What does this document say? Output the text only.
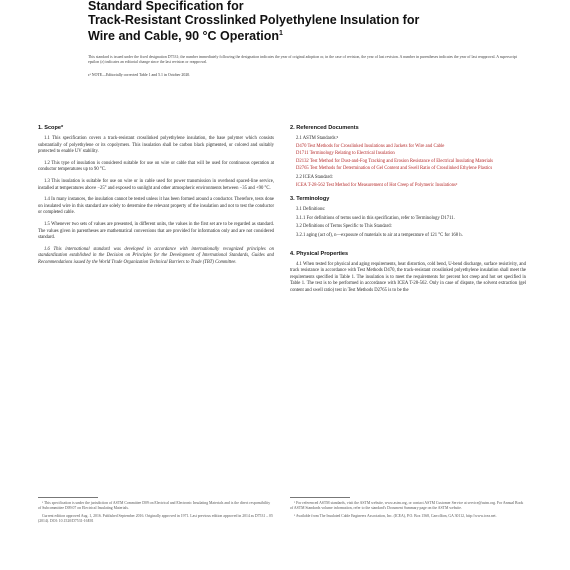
Standard Specification for
Track-Resistant Crosslinked Polyethylene Insulation for
Wire and Cable, 90 °C Operation$^1$
This standard is issued under the fixed designation D7531; the number immediately following the designation indicates the year of original adoption or, in the case of revision, the year of last revision. A number in parentheses indicates the year of last reapproval. A superscript epsilon (ε) indicates an editorial change since the last revision or reapproval.
ε¹ NOTE—Editorially corrected Table 1 and 5.1 in October 2020.
1. Scope*

1.1 This specification covers a track-resistant crosslinked polyethylene insulation, the base polymer which consists substantially of polyethylene or its copolymers. This insulation shall be carbon black pigmented, or colored and suitably protected to enable UV stability.

1.2 This type of insulation is considered suitable for use on wire or cable that will be used for continuous operation at conductor temperatures up to 90 °C.

1.3 This insulation is suitable for use on wire or in cable used for power transmission in overhead spaced-line service, installed at temperatures above −25° and exposed to sunlight and other atmospheric environments between −35 and +90 °C.

1.4 In many instances, the insulation cannot be tested unless it has been formed around a conductor. Therefore, tests done on insulated wire in this standard are solely to determine the relevant property of the insulation and not to test the conductor or completed cable.

1.5 Whenever two sets of values are presented, in different units, the values in the first set are to be regarded as standard. The values given in parentheses are mathematical conversions that are provided for information only and are not considered standard.

1.6 This international standard was developed in accordance with internationally recognized principles on standardization established in the Decision on Principles for the Development of International Standards, Guides and Recommendations issued by the World Trade Organization Technical Barriers to Trade (TBT) Committee.

2. Referenced Documents

2.1 ASTM Standards:²

D470 Test Methods for Crosslinked Insulations and Jackets for Wire and Cable

D1711 Terminology Relating to Electrical Insulation

D2132 Test Method for Dust-and-Fog Tracking and Erosion Resistance of Electrical Insulating Materials

D2765 Test Methods for Determination of Gel Content and Swell Ratio of Crosslinked Ethylene Plastics

2.2 ICEA Standard:

ICEA T-28-562 Test Method for Measurement of Hot Creep of Polymeric Insulations³

3. Terminology

3.1 Definitions:

3.1.1 For definitions of terms used in this specification, refer to Terminology D1711.

3.2 Definitions of Terms Specific to This Standard:

3.2.1 aging (act of), n—exposure of materials to air at a temperature of 121 °C for 168 h.

4. Physical Properties

4.1 When tested for physical and aging requirements, heat distortion, cold bend, U-bend discharge, surface resistivity, and track resistance in accordance with Test Methods D470, the track-resistant crosslinked polyethylene insulation shall meet the requirements specified in Table 1. The insulation is to meet the requirements for percent hot creep and hot set specified in Table 1. The test is to be performed in accordance with ICEA T-28-562. Only in case of dispute, the solvent extraction (gel content and swell ratio) test in Test Methods D2765 is to be the

¹ This specification is under the jurisdiction of ASTM Committee D09 on Electrical and Electronic Insulating Materials and is the direct responsibility of Subcommittee D09.07 on Electrical Insulating Materials.

Current edition approved Aug. 1, 2016. Published September 2016. Originally approved in 1971. Last previous edition approved in 2014 as D7531 – 05 (2014). DOI: 10.1520/D7531-16E01

² For referenced ASTM standards, visit the ASTM website, www.astm.org, or contact ASTM Customer Service at service@astm.org. For Annual Book of ASTM Standards volume information, refer to the standard's Document Summary page on the ASTM website.

³ Available from The Insulated Cable Engineers Association, Inc. (ICEA), P.O. Box 1568, Carrollton, GA 30112, http://www.icea.net.
